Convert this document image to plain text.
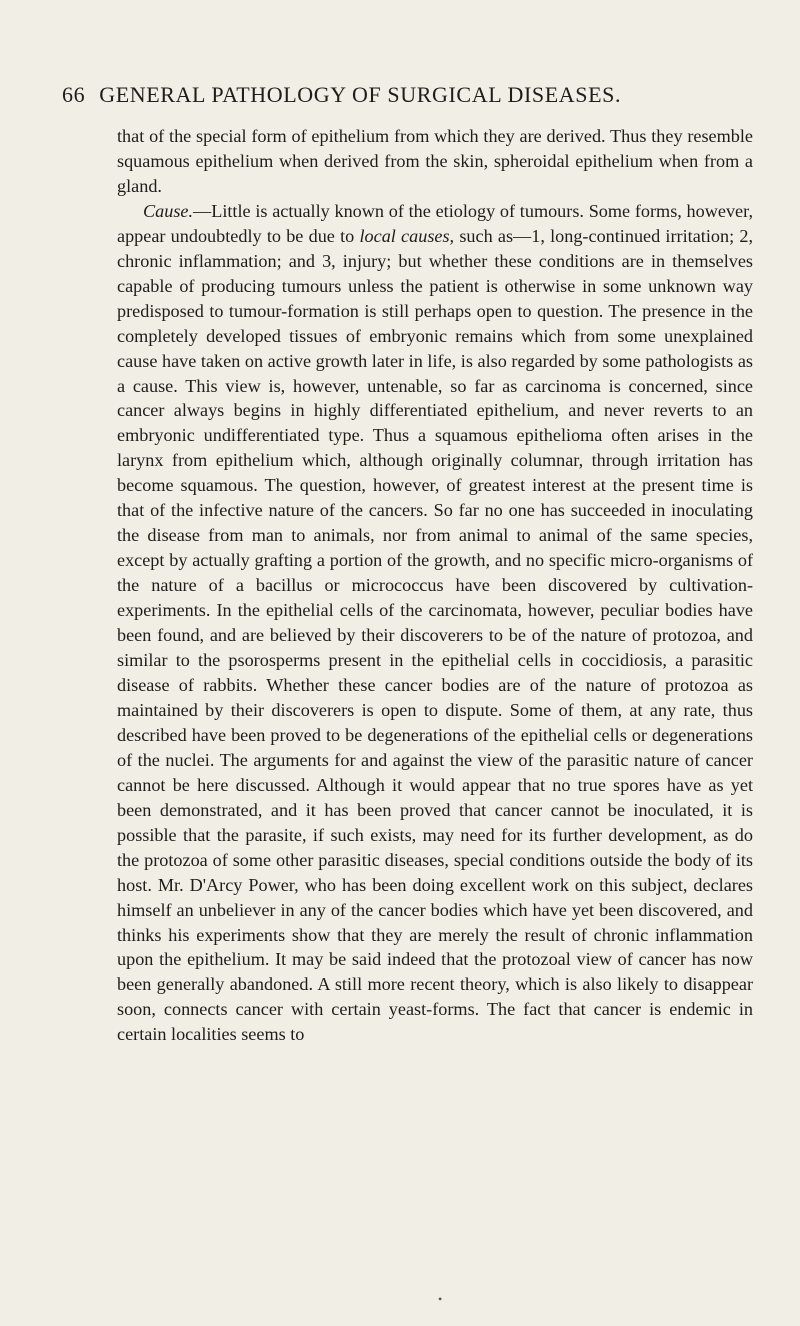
66 GENERAL PATHOLOGY OF SURGICAL DISEASES.

that of the special form of epithelium from which they are derived. Thus they resemble squamous epithelium when derived from the skin, spheroidal epithelium when from a gland.

Cause.—Little is actually known of the etiology of tumours. Some forms, however, appear undoubtedly to be due to local causes, such as—1, long-continued irritation; 2, chronic inflammation; and 3, injury; but whether these conditions are in themselves capable of producing tumours unless the patient is otherwise in some unknown way predisposed to tumour-formation is still perhaps open to question. The presence in the completely developed tissues of embryonic remains which from some unexplained cause have taken on active growth later in life, is also regarded by some pathologists as a cause. This view is, however, untenable, so far as carcinoma is concerned, since cancer always begins in highly differentiated epithelium, and never reverts to an embryonic undifferentiated type. Thus a squamous epithelioma often arises in the larynx from epithelium which, although originally columnar, through irritation has become squamous. The question, however, of greatest interest at the present time is that of the infective nature of the cancers. So far no one has succeeded in inoculating the disease from man to animals, nor from animal to animal of the same species, except by actually grafting a portion of the growth, and no specific micro-organisms of the nature of a bacillus or micrococcus have been discovered by cultivation-experiments. In the epithelial cells of the carcinomata, however, peculiar bodies have been found, and are believed by their discoverers to be of the nature of protozoa, and similar to the psorosperms present in the epithelial cells in coccidiosis, a parasitic disease of rabbits. Whether these cancer bodies are of the nature of protozoa as maintained by their discoverers is open to dispute. Some of them, at any rate, thus described have been proved to be degenerations of the epithelial cells or degenerations of the nuclei. The arguments for and against the view of the parasitic nature of cancer cannot be here discussed. Although it would appear that no true spores have as yet been demonstrated, and it has been proved that cancer cannot be inoculated, it is possible that the parasite, if such exists, may need for its further development, as do the protozoa of some other parasitic diseases, special conditions outside the body of its host. Mr. D'Arcy Power, who has been doing excellent work on this subject, declares himself an unbeliever in any of the cancer bodies which have yet been discovered, and thinks his experiments show that they are merely the result of chronic inflammation upon the epithelium. It may be said indeed that the protozoal view of cancer has now been generally abandoned. A still more recent theory, which is also likely to disappear soon, connects cancer with certain yeast-forms. The fact that cancer is endemic in certain localities seems to

•
